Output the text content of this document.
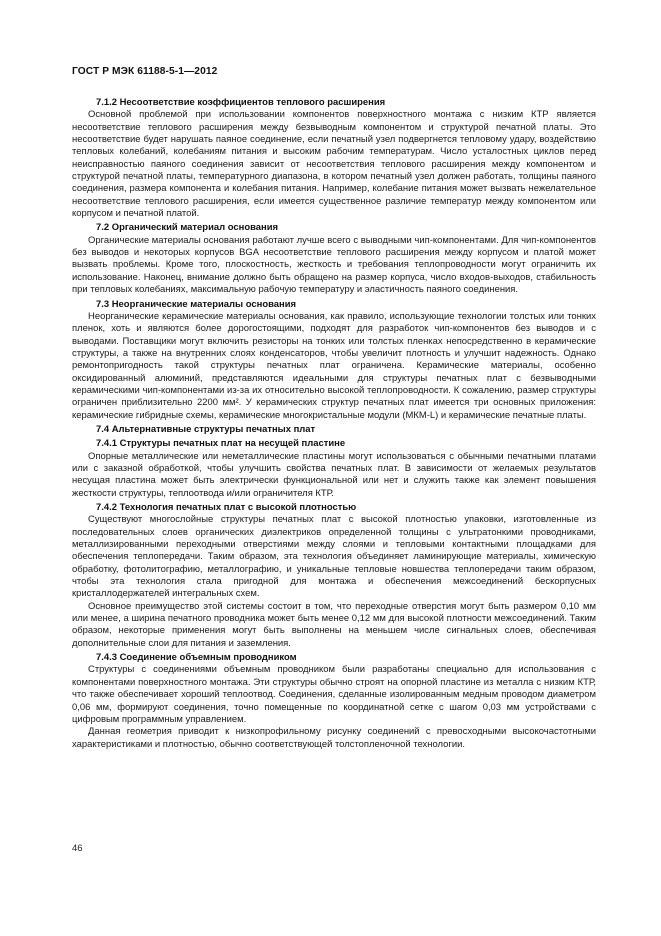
ГОСТ Р МЭК 61188-5-1—2012
7.1.2 Несоответствие коэффициентов теплового расширения

Основной проблемой при использовании компонентов поверхностного монтажа с низким КТР является несоответствие теплового расширения между безвыводным компонентом и структурой печатной платы. Это несоответствие будет нарушать паяное соединение, если печатный узел подвергнется тепловому удару, воздействию тепловых колебаний, колебаниям питания и высоким рабочим температурам. Число усталостных циклов перед неисправностью паяного соединения зависит от несоответствия теплового расширения между компонентом и структурой печатной платы, температурного диапазона, в котором печатный узел должен работать, толщины паяного соединения, размера компонента и колебания питания. Например, колебание питания может вызвать нежелательное несоответствие теплового расширения, если имеется существенное различие температур между компонентом или корпусом и печатной платой.

7.2 Органический материал основания

Органические материалы основания работают лучше всего с выводными чип-компонентами. Для чип-компонентов без выводов и некоторых корпусов BGA несоответствие теплового расширения между корпусом и платой может вызвать проблемы. Кроме того, плоскостность, жесткость и требования теплопроводности могут ограничить их использование. Наконец, внимание должно быть обращено на размер корпуса, число входов-выходов, стабильность при тепловых колебаниях, максимальную рабочую температуру и эластичность паяного соединения.

7.3 Неорганические материалы основания

Неорганические керамические материалы основания, как правило, использующие технологии толстых или тонких пленок, хоть и являются более дорогостоящими, подходят для разработок чип-компонентов без выводов и с выводами. Поставщики могут включить резисторы на тонких или толстых пленках непосредственно в керамические структуры, а также на внутренних слоях конденсаторов, чтобы увеличит плотность и улучшит надежность. Однако ремонтопригодность такой структуры печатных плат ограничена. Керамические материалы, особенно оксидированный алюминий, представляются идеальными для структуры печатных плат с безвыводными керамическими чип-компонентами из-за их относительно высокой теплопроводности. К сожалению, размер структуры ограничен приблизительно 2200 мм². У керамических структур печатных плат имеется три основных приложения: керамические гибридные схемы, керамические многокристальные модули (МКМ-L) и керамические печатные платы.

7.4 Альтернативные структуры печатных плат
7.4.1 Структуры печатных плат на несущей пластине

Опорные металлические или неметаллические пластины могут использоваться с обычными печатными платами или с заказной обработкой, чтобы улучшить свойства печатных плат. В зависимости от желаемых результатов несущая пластина может быть электрически функциональной или нет и служить также как элемент повышения жесткости структуры, теплоотвода и/или ограничителя КТР.

7.4.2 Технология печатных плат с высокой плотностью

Существуют многослойные структуры печатных плат с высокой плотностью упаковки, изготовленные из последовательных слоев органических диэлектриков определенной толщины с ультратонкими проводниками, металлизированными переходными отверстиями между слоями и тепловыми контактными площадками для обеспечения теплопередачи. Таким образом, эта технология объединяет ламинирующие материалы, химическую обработку, фотолитографию, металлографию, и уникальные тепловые новшества теплопередачи таким образом, чтобы эта технология стала пригодной для монтажа и обеспечения межсоединений бескорпусных кристаллодержателей интегральных схем.

Основное преимущество этой системы состоит в том, что переходные отверстия могут быть размером 0,10 мм или менее, а ширина печатного проводника может быть менее 0,12 мм для высокой плотности межсоединений. Таким образом, некоторые применения могут быть выполнены на меньшем числе сигнальных слоев, обеспечивая дополнительные слои для питания и заземления.

7.4.3 Соединение объемным проводником

Структуры с соединениями объемным проводником были разработаны специально для использования с компонентами поверхностного монтажа. Эти структуры обычно строят на опорной пластине из металла с низким КТР, что также обеспечивает хороший теплоотвод. Соединения, сделанные изолированным медным проводом диаметром 0,06 мм, формируют соединения, точно помещенные по координатной сетке с шагом 0,03 мм устройствами с цифровым программным управлением.

Данная геометрия приводит к низкопрофильному рисунку соединений с превосходными высокочастотными характеристиками и плотностью, обычно соответствующей толстопленочной технологии.

46
